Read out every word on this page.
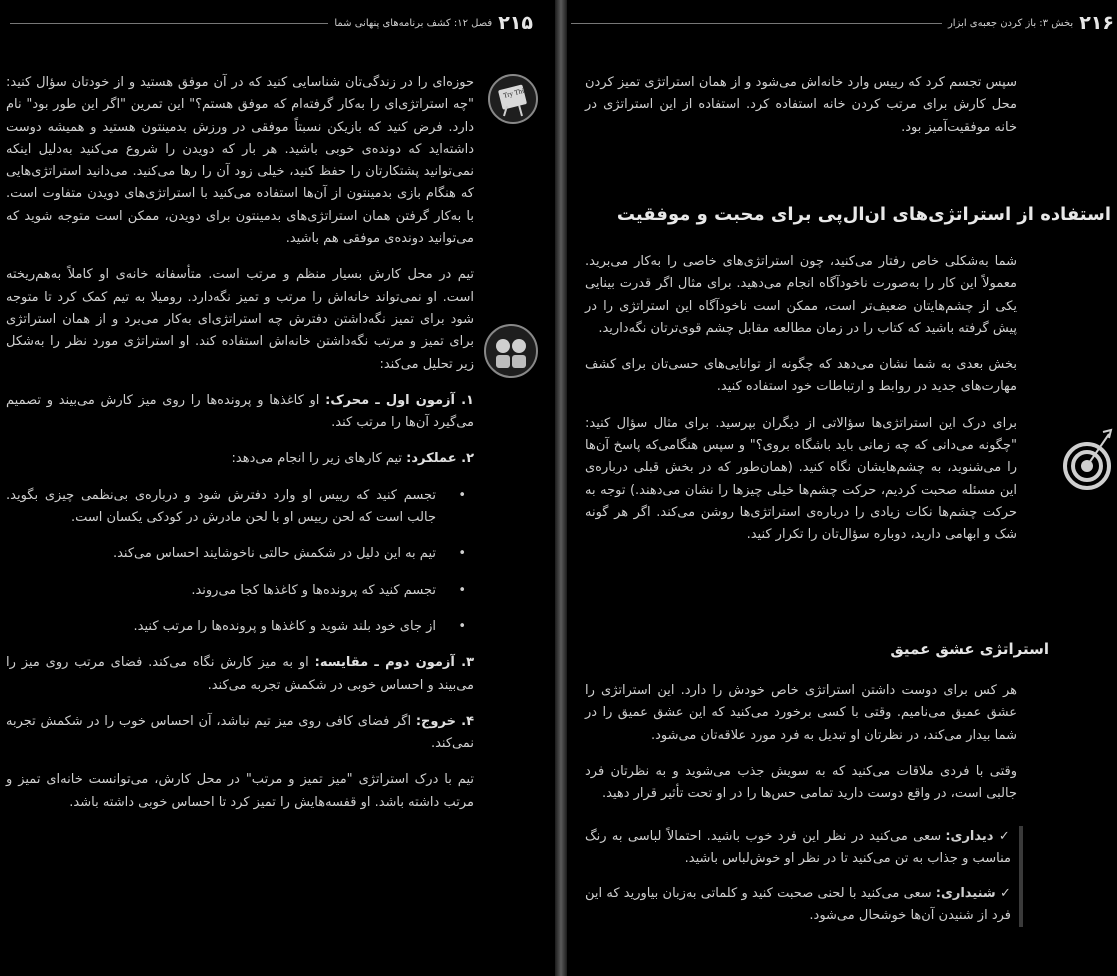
۲۱۵
فصل ۱۲: کشف برنامه‌های پنهانی شما
Try This

حوزه‌ای را در زندگی‌تان شناسایی کنید که در آن موفق هستید و از خودتان سؤال کنید: "چه استراتژی‌ای را به‌کار گرفته‌ام که موفق هستم؟" این تمرین "اگر این طور بود" نام دارد. فرض کنید که بازیکن نسبتاً موفقی در ورزش بدمینتون هستید و همیشه دوست داشته‌اید که دونده‌ی خوبی باشید. هر بار که دویدن را شروع می‌کنید به‌دلیل اینکه نمی‌توانید پشتکارتان را حفظ کنید، خیلی زود آن را رها می‌کنید. می‌دانید استراتژی‌هایی که هنگام بازی بدمینتون از آن‌ها استفاده می‌کنید با استراتژی‌های دویدن متفاوت است. با به‌کار گرفتن همان استراتژی‌های بدمینتون برای دویدن، ممکن است متوجه شوید که می‌توانید دونده‌ی موفقی هم باشید.

تیم در محل کارش بسیار منظم و مرتب است. متأسفانه خانه‌ی او کاملاً به‌هم‌ریخته است. او نمی‌تواند خانه‌اش را مرتب و تمیز نگه‌دارد. رومیلا به تیم کمک کرد تا متوجه شود برای تمیز نگه‌داشتن دفترش چه استراتژی‌ای به‌کار می‌برد و از همان استراتژی برای تمیز و مرتب نگه‌داشتن خانه‌اش استفاده کند. او استراتژی مورد نظر را به‌شکل زیر تحلیل می‌کند:

۱. آزمون اول ـ محرک: او کاغذها و پرونده‌ها را روی میز کارش می‌بیند و تصمیم می‌گیرد آن‌ها را مرتب کند.

۲. عملکرد: تیم کارهای زیر را انجام می‌دهد:

• تجسم کنید که رییس او وارد دفترش شود و درباره‌ی بی‌نظمی چیزی بگوید. جالب است که لحن رییس او با لحن مادرش در کودکی یکسان است.
• تیم به این دلیل در شکمش حالتی ناخوشایند احساس می‌کند.
• تجسم کنید که پرونده‌ها و کاغذها کجا می‌روند.
• از جای خود بلند شوید و کاغذها و پرونده‌ها را مرتب کنید.

۳. آزمون دوم ـ مقایسه: او به میز کارش نگاه می‌کند. فضای مرتب روی میز را می‌بیند و احساس خوبی در شکمش تجربه می‌کند.

۴. خروج: اگر فضای کافی روی میز تیم نباشد، آن احساس خوب را در شکمش تجربه نمی‌کند.

تیم با درک استراتژی "میز تمیز و مرتب" در محل کارش، می‌توانست خانه‌ای تمیز و مرتب داشته باشد. او قفسه‌هایش را تمیز کرد تا احساس خوبی داشته باشد.

۲۱۶
بخش ۳: باز کردن جعبه‌ی ابزار

سپس تجسم کرد که رییس وارد خانه‌اش می‌شود و از همان استراتژی تمیز کردن محل کارش برای مرتب کردن خانه استفاده کرد. استفاده از این استراتژی در خانه موفقیت‌آمیز بود.

استفاده از استراتژی‌های ان‌ال‌پی برای محبت و موفقیت

شما به‌شکلی خاص رفتار می‌کنید، چون استراتژی‌های خاصی را به‌کار می‌برید. معمولاً این کار را به‌صورت ناخودآگاه انجام می‌دهید. برای مثال اگر قدرت بینایی یکی از چشم‌هایتان ضعیف‌تر است، ممکن است ناخودآگاه این استراتژی را در پیش گرفته باشید که کتاب را در زمان مطالعه مقابل چشم قوی‌ترتان نگه‌دارید.

بخش بعدی به شما نشان می‌دهد که چگونه از توانایی‌های حسی‌تان برای کشف مهارت‌های جدید در روابط و ارتباطات خود استفاده کنید.

برای درک این استراتژی‌ها سؤالاتی از دیگران بپرسید. برای مثال سؤال کنید: "چگونه می‌دانی که چه زمانی باید باشگاه بروی؟" و سپس هنگامی‌که پاسخ آن‌ها را می‌شنوید، به چشم‌هایشان نگاه کنید. (همان‌طور که در بخش قبلی درباره‌ی این مسئله صحبت کردیم، حرکت چشم‌ها خیلی چیزها را نشان می‌دهند.) توجه به حرکت چشم‌ها نکات زیادی را درباره‌ی استراتژی‌ها روشن می‌کند. اگر هر گونه شک و ابهامی دارید، دوباره سؤال‌تان را تکرار کنید.

استراتژی عشق عمیق

هر کس برای دوست داشتن استراتژی خاص خودش را دارد. این استراتژی را عشق عمیق می‌نامیم. وقتی با کسی برخورد می‌کنید که این عشق عمیق را در شما بیدار می‌کند، در نظرتان او تبدیل به فرد مورد علاقه‌تان می‌شود.

وقتی با فردی ملاقات می‌کنید که به سویش جذب می‌شوید و به نظرتان فرد جالبی است، در واقع دوست دارید تمامی حس‌ها را در او تحت تأثیر قرار دهید.

✓ دیداری: سعی می‌کنید در نظر این فرد خوب باشید. احتمالاً لباسی به رنگ مناسب و جذاب به تن می‌کنید تا در نظر او خوش‌لباس باشید.

✓ شنیداری: سعی می‌کنید با لحنی صحبت کنید و کلماتی به‌زبان بیاورید که این فرد از شنیدن آن‌ها خوشحال می‌شود.
